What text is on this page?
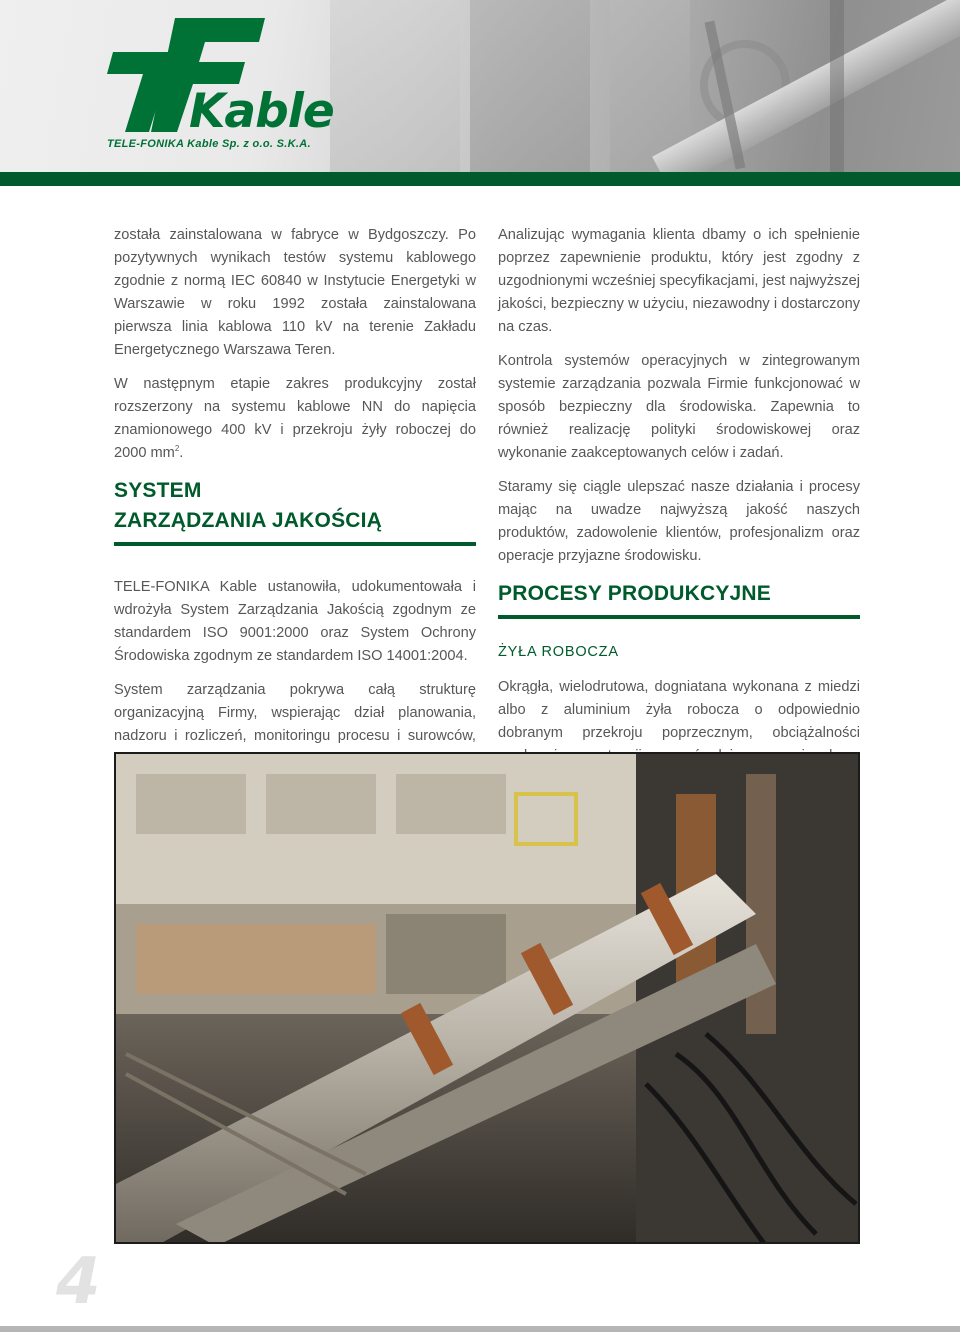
Kable
TELE-FONIKA Kable Sp. z o.o. S.K.A.

została zainstalowana w fabryce w Bydgoszczy. Po pozytywnych wynikach testów systemu kablowego zgodnie z normą IEC 60840 w Instytucie Energetyki w Warszawie w roku 1992 została zainstalowana pierwsza linia kablowa 110 kV na terenie Zakładu Energetycznego Warszawa Teren.

W następnym etapie zakres produkcyjny został rozszerzony na systemu kablowe NN do napięcia znamionowego 400 kV i przekroju żyły roboczej do 2000 $mm^2$.

SYSTEM
ZARZĄDZANIA JAKOŚCIĄ

TELE-FONIKA Kable ustanowiła, udokumentowała i wdrożyła System Zarządzania Jakością zgodnym ze standardem ISO 9001:2000 oraz System Ochrony Środowiska zgodnym ze standardem ISO 14001:2004.

System zarządzania pokrywa całą strukturę organizacyjną Firmy, wspierając dział planowania, nadzoru i rozliczeń, monitoringu procesu i surowców,

Analizując wymagania klienta dbamy o ich spełnienie poprzez zapewnienie produktu, który jest zgodny z uzgodnionymi wcześniej specyfikacjami, jest najwyższej jakości, bezpieczny w użyciu, niezawodny i dostarczony na czas.

Kontrola systemów operacyjnych w zintegrowanym systemie zarządzania pozwala Firmie funkcjonować w sposób bezpieczny dla środowiska. Zapewnia to również realizację polityki środowiskowej oraz wykonanie zaakceptowanych celów i zadań.

Staramy się ciągle ulepszać nasze działania i procesy mając na uwadze najwyższą jakość naszych produktów, zadowolenie klientów, profesjonalizm oraz operacje przyjazne środowisku.

PROCESY PRODUKCYJNE
ŻYŁA ROBOCZA

Okrągła, wielodrutowa, dogniatana wykonana z miedzi albo z aluminium żyła robocza o odpowiednio dobranym przekroju poprzecznym, obciążalności

4
